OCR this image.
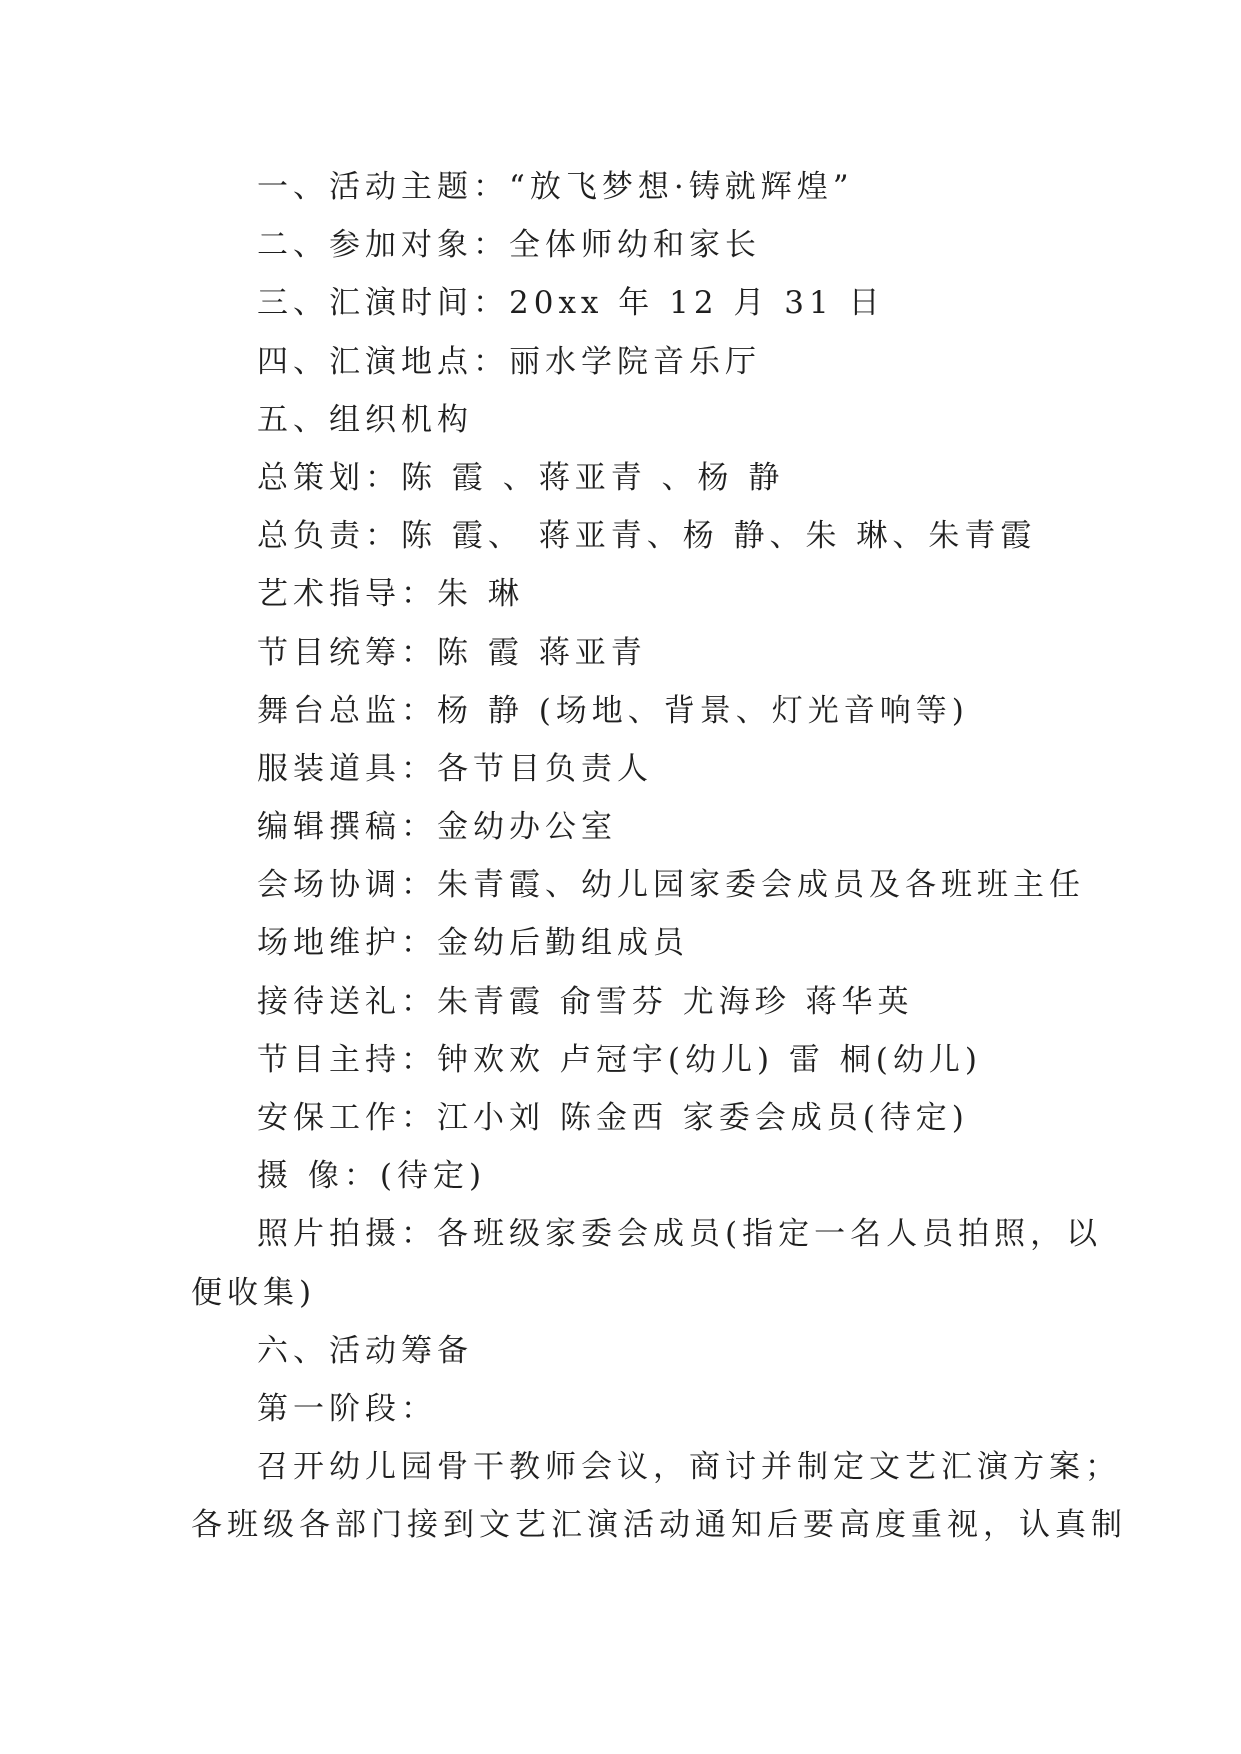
一、活动主题：“放飞梦想·铸就辉煌”
二、参加对象：全体师幼和家长
三、汇演时间：20xx 年 12 月 31 日
四、汇演地点：丽水学院音乐厅
五、组织机构
总策划：陈 霞 、蒋亚青 、杨 静
总负责：陈 霞、 蒋亚青、杨 静、朱 琳、朱青霞
艺术指导：朱 琳
节目统筹：陈 霞 蒋亚青
舞台总监：杨 静 (场地、背景、灯光音响等)
服装道具：各节目负责人
编辑撰稿：金幼办公室
会场协调：朱青霞、幼儿园家委会成员及各班班主任
场地维护：金幼后勤组成员
接待送礼：朱青霞 俞雪芬 尤海珍 蒋华英
节目主持：钟欢欢 卢冠宇(幼儿) 雷 桐(幼儿)
安保工作：江小刘 陈金西 家委会成员(待定)
摄 像：(待定)
照片拍摄：各班级家委会成员(指定一名人员拍照，以
便收集)
六、活动筹备
第一阶段：
召开幼儿园骨干教师会议，商讨并制定文艺汇演方案；
各班级各部门接到文艺汇演活动通知后要高度重视，认真制
